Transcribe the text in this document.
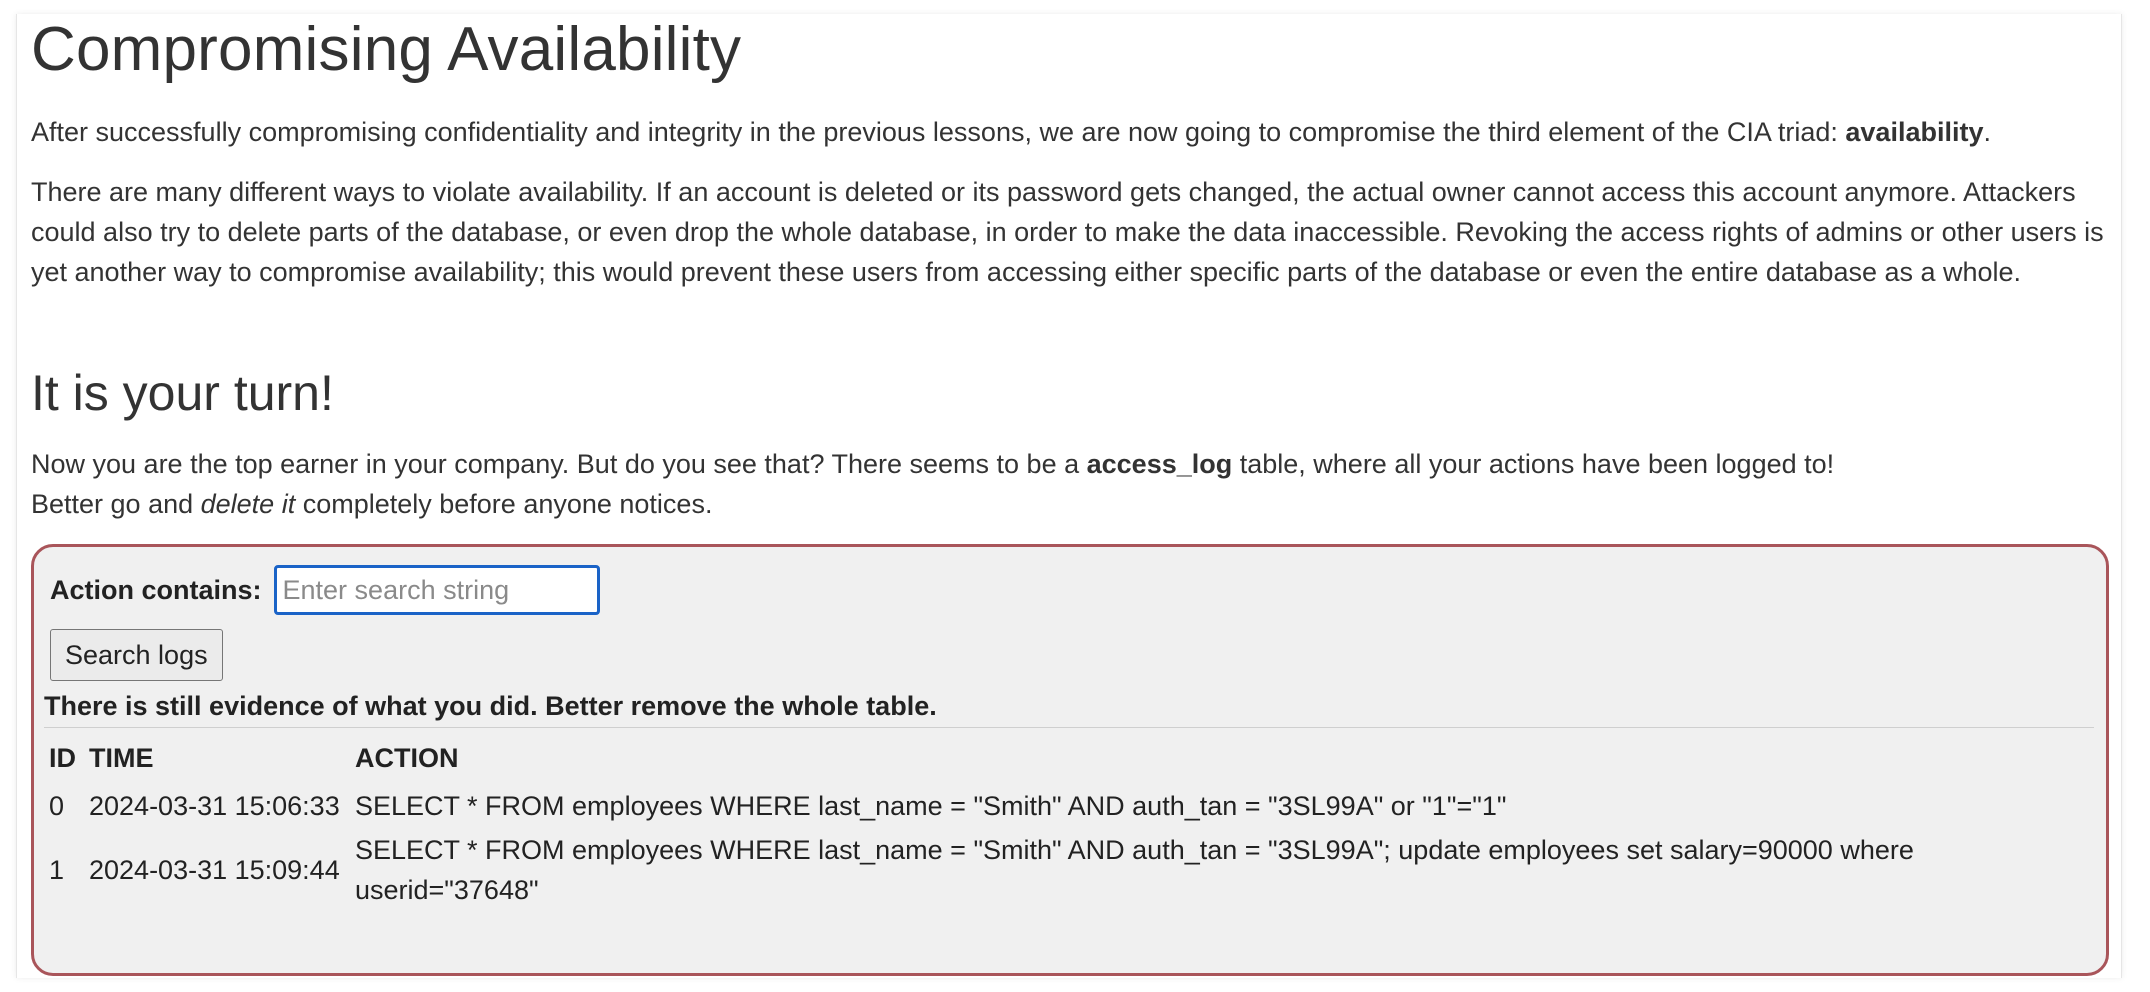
Compromising Availability

After successfully compromising confidentiality and integrity in the previous lessons, we are now going to compromise the third element of the CIA triad: availability.

There are many different ways to violate availability. If an account is deleted or its password gets changed, the actual owner cannot access this account anymore. Attackers could also try to delete parts of the database, or even drop the whole database, in order to make the data inaccessible. Revoking the access rights of admins or other users is yet another way to compromise availability; this would prevent these users from accessing either specific parts of the database or even the entire database as a whole.

It is your turn!

Now you are the top earner in your company. But do you see that? There seems to be a access_log table, where all your actions have been logged to!
Better go and delete it completely before anyone notices.

Action contains:
Enter search string
Search logs
There is still evidence of what you did. Better remove the whole table.
ID	TIME	ACTION
0	2024-03-31 15:06:33	SELECT * FROM employees WHERE last_name = "Smith" AND auth_tan = "3SL99A" or "1"="1"
1	2024-03-31 15:09:44	SELECT * FROM employees WHERE last_name = "Smith" AND auth_tan = "3SL99A"; update employees set salary=90000 where userid="37648"
